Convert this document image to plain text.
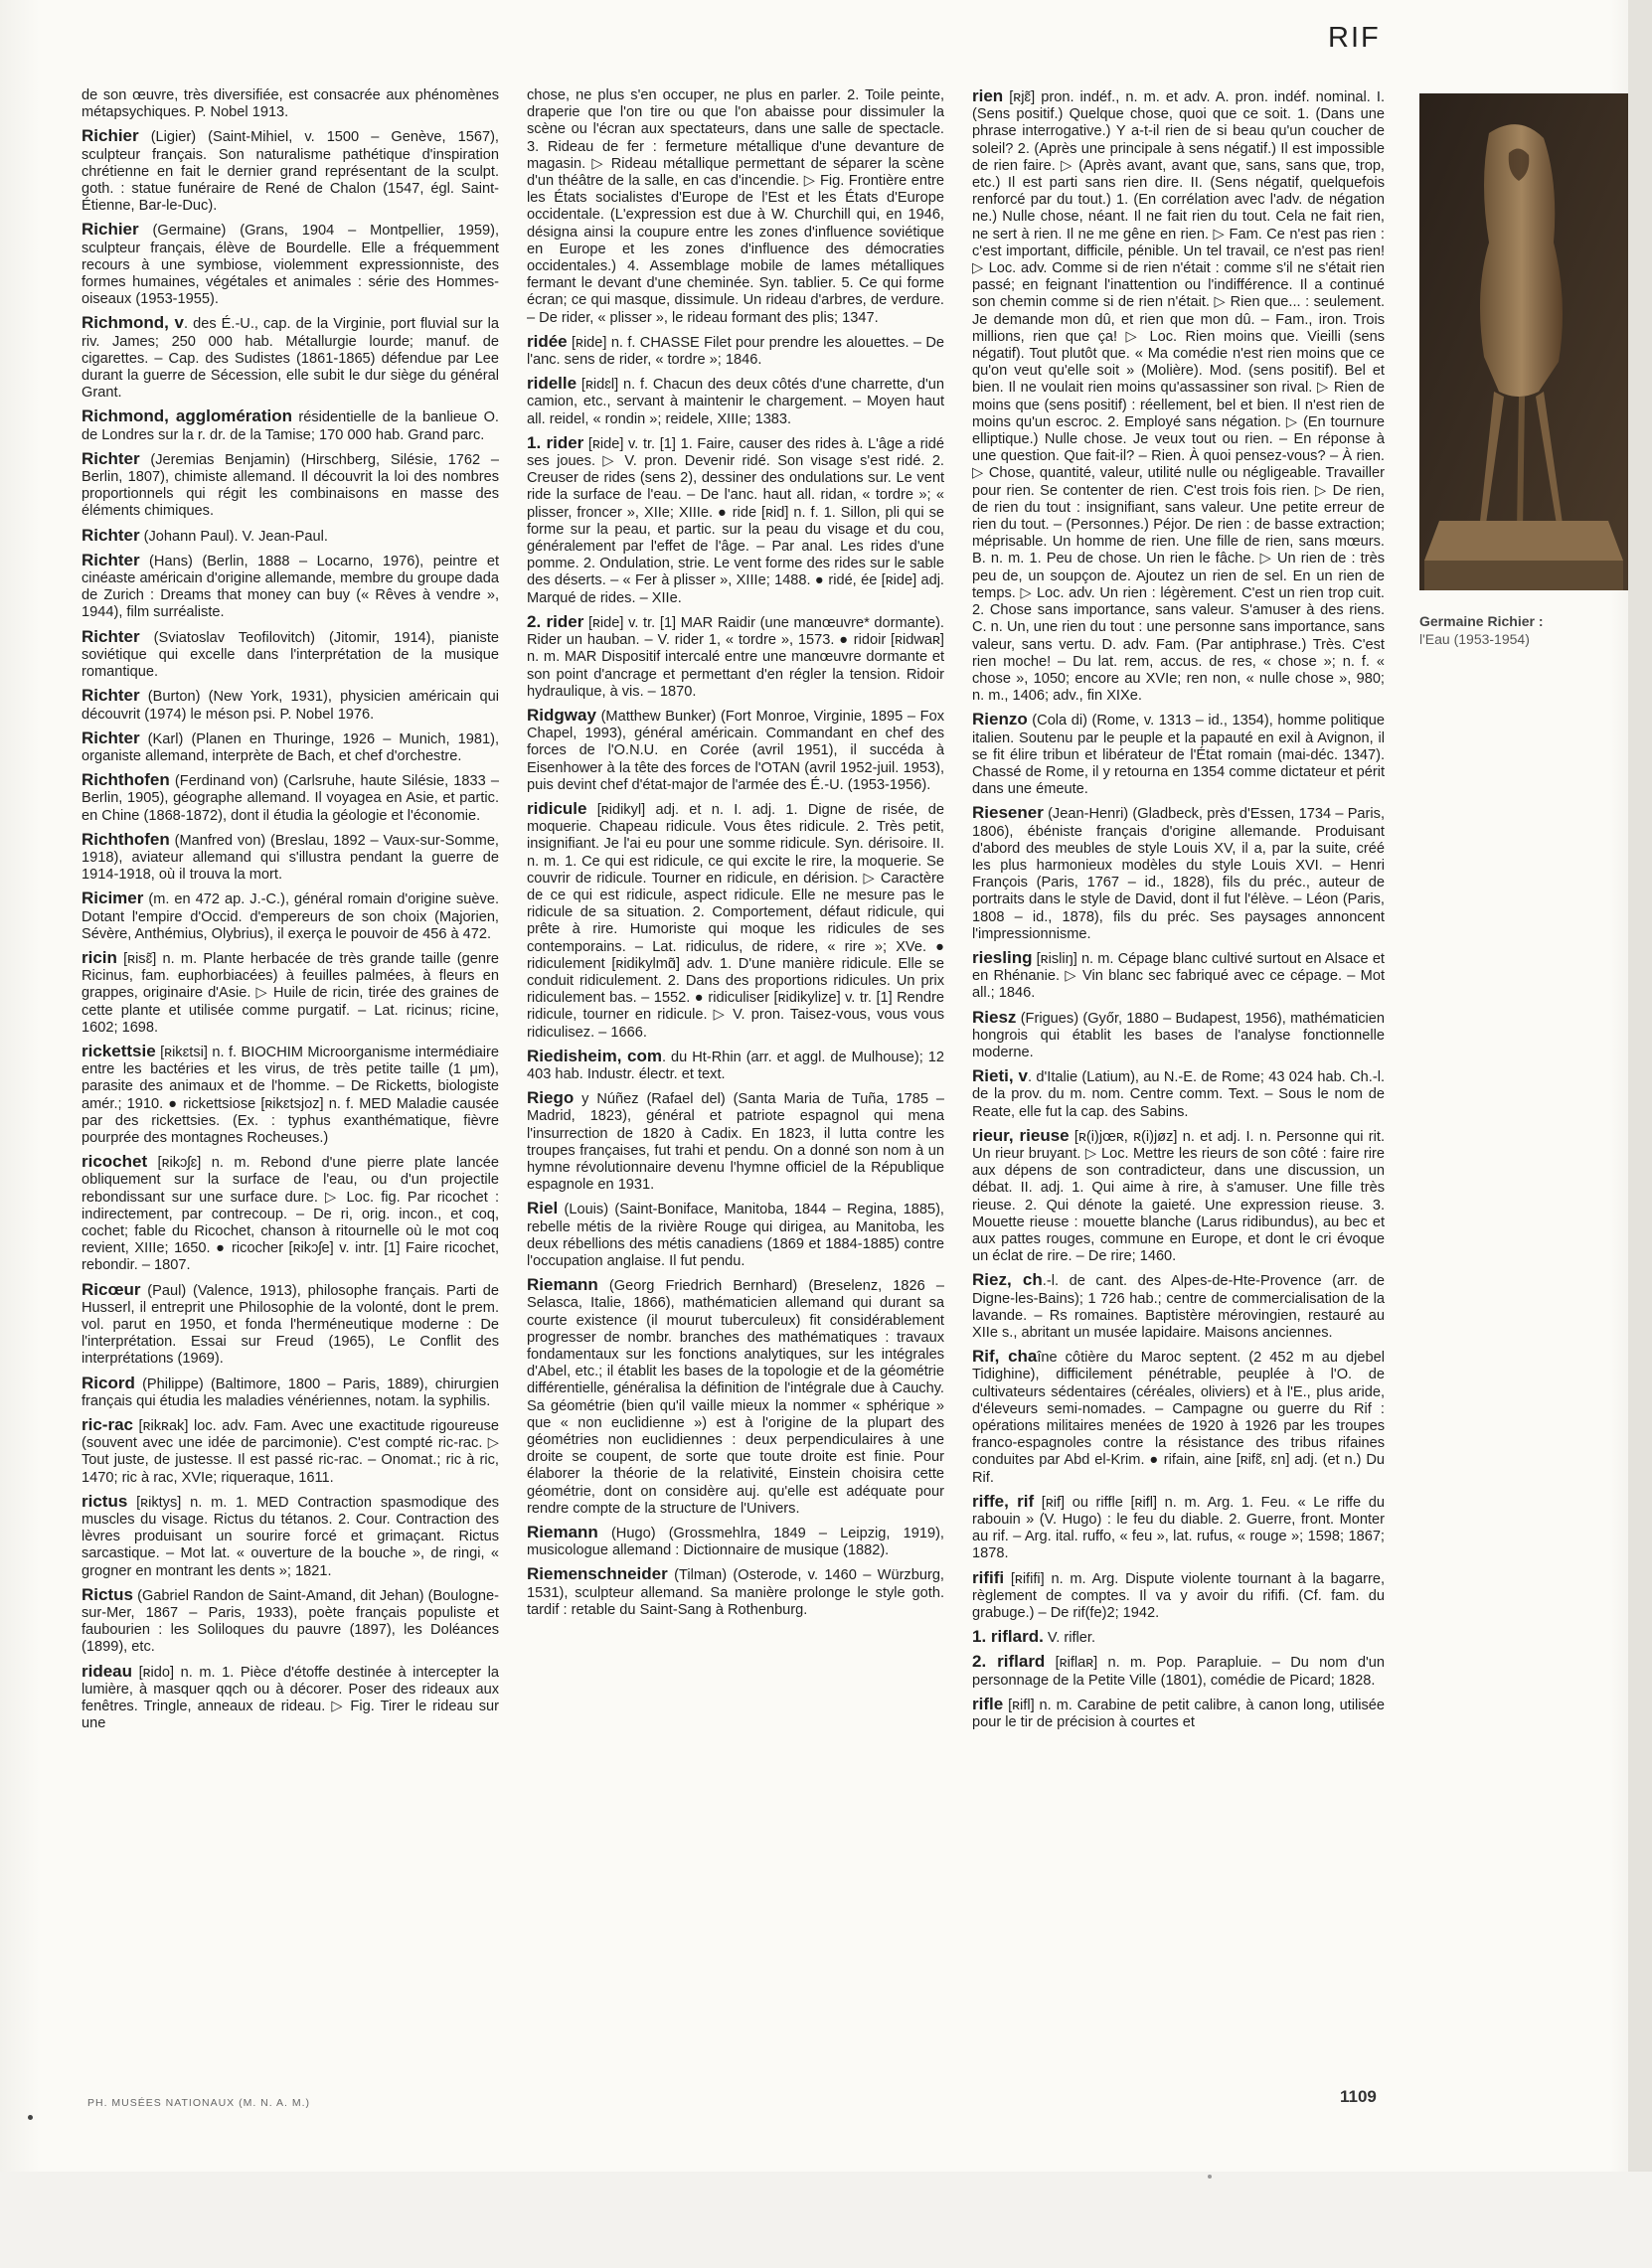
RIF

de son œuvre, très diversifiée, est consacrée aux phénomènes métapsychiques. P. Nobel 1913.

Richier (Ligier) (Saint-Mihiel, v. 1500 – Genève, 1567), sculpteur français. Son naturalisme pathétique d'inspiration chrétienne en fait le dernier grand représentant de la sculpt. goth. : statue funéraire de René de Chalon (1547, égl. Saint-Étienne, Bar-le-Duc).

Richier (Germaine) (Grans, 1904 – Montpellier, 1959), sculpteur français, élève de Bourdelle. Elle a fréquemment recours à une symbiose, violemment expressionniste, des formes humaines, végétales et animales : série des Hommes-oiseaux (1953-1955).

Richmond, v. des É.-U., cap. de la Virginie, port fluvial sur la riv. James; 250 000 hab. Métallurgie lourde; manuf. de cigarettes. – Cap. des Sudistes (1861-1865) défendue par Lee durant la guerre de Sécession, elle subit le dur siège du général Grant.

Richmond, agglomération résidentielle de la banlieue O. de Londres sur la r. dr. de la Tamise; 170 000 hab. Grand parc.

Richter (Jeremias Benjamin) (Hirschberg, Silésie, 1762 – Berlin, 1807), chimiste allemand. Il découvrit la loi des nombres proportionnels qui régit les combinaisons en masse des éléments chimiques.

Richter (Johann Paul). V. Jean-Paul.

Richter (Hans) (Berlin, 1888 – Locarno, 1976), peintre et cinéaste américain d'origine allemande, membre du groupe dada de Zurich : Dreams that money can buy (« Rêves à vendre », 1944), film surréaliste.

Richter (Sviatoslav Teofilovitch) (Jitomir, 1914), pianiste soviétique qui excelle dans l'interprétation de la musique romantique.

Richter (Burton) (New York, 1931), physicien américain qui découvrit (1974) le méson psi. P. Nobel 1976.

Richter (Karl) (Planen en Thuringe, 1926 – Munich, 1981), organiste allemand, interprète de Bach, et chef d'orchestre.

Richthofen (Ferdinand von) (Carlsruhe, haute Silésie, 1833 – Berlin, 1905), géographe allemand. Il voyagea en Asie, et partic. en Chine (1868-1872), dont il étudia la géologie et l'économie.

Richthofen (Manfred von) (Breslau, 1892 – Vaux-sur-Somme, 1918), aviateur allemand qui s'illustra pendant la guerre de 1914-1918, où il trouva la mort.

Ricimer (m. en 472 ap. J.-C.), général romain d'origine suève. Dotant l'empire d'Occid. d'empereurs de son choix (Majorien, Sévère, Anthémius, Olybrius), il exerça le pouvoir de 456 à 472.

ricin [ʀisɛ̃] n. m. Plante herbacée de très grande taille (genre Ricinus, fam. euphorbiacées) à feuilles palmées, à fleurs en grappes, originaire d'Asie. ▷ Huile de ricin, tirée des graines de cette plante et utilisée comme purgatif. – Lat. ricinus; ricine, 1602; 1698.

rickettsie [ʀikɛtsi] n. f. BIOCHIM Microorganisme intermédiaire entre les bactéries et les virus, de très petite taille (1 μm), parasite des animaux et de l'homme. – De Ricketts, biologiste amér.; 1910. ● rickettsiose [ʀikɛtsjoz] n. f. MED Maladie causée par des rickettsies. (Ex. : typhus exanthématique, fièvre pourprée des montagnes Rocheuses.)

ricochet [ʀikɔʃɛ] n. m. Rebond d'une pierre plate lancée obliquement sur la surface de l'eau, ou d'un projectile rebondissant sur une surface dure. ▷ Loc. fig. Par ricochet : indirectement, par contrecoup. – De ri, orig. incon., et coq, cochet; fable du Ricochet, chanson à ritournelle où le mot coq revient, XIIIe; 1650. ● ricocher [ʀikɔʃe] v. intr. [1] Faire ricochet, rebondir. – 1807.

Ricœur (Paul) (Valence, 1913), philosophe français. Parti de Husserl, il entreprit une Philosophie de la volonté, dont le prem. vol. parut en 1950, et fonda l'herméneutique moderne : De l'interprétation. Essai sur Freud (1965), Le Conflit des interprétations (1969).

Ricord (Philippe) (Baltimore, 1800 – Paris, 1889), chirurgien français qui étudia les maladies vénériennes, notam. la syphilis.

ric-rac [ʀikʀak] loc. adv. Fam. Avec une exactitude rigoureuse (souvent avec une idée de parcimonie). C'est compté ric-rac. ▷ Tout juste, de justesse. Il est passé ric-rac. – Onomat.; ric à ric, 1470; ric à rac, XVIe; riqueraque, 1611.

rictus [ʀiktys] n. m. 1. MED Contraction spasmodique des muscles du visage. Rictus du tétanos. 2. Cour. Contraction des lèvres produisant un sourire forcé et grimaçant. Rictus sarcastique. – Mot lat. « ouverture de la bouche », de ringi, « grogner en montrant les dents »; 1821.

Rictus (Gabriel Randon de Saint-Amand, dit Jehan) (Boulogne-sur-Mer, 1867 – Paris, 1933), poète français populiste et faubourien : les Soliloques du pauvre (1897), les Doléances (1899), etc.

rideau [ʀido] n. m. 1. Pièce d'étoffe destinée à intercepter la lumière, à masquer qqch ou à décorer. Poser des rideaux aux fenêtres. Tringle, anneaux de rideau. ▷ Fig. Tirer le rideau sur une

chose, ne plus s'en occuper, ne plus en parler. 2. Toile peinte, draperie que l'on tire ou que l'on abaisse pour dissimuler la scène ou l'écran aux spectateurs, dans une salle de spectacle. 3. Rideau de fer : fermeture métallique d'une devanture de magasin. ▷ Rideau métallique permettant de séparer la scène d'un théâtre de la salle, en cas d'incendie. ▷ Fig. Frontière entre les États socialistes d'Europe de l'Est et les États d'Europe occidentale. (L'expression est due à W. Churchill qui, en 1946, désigna ainsi la coupure entre les zones d'influence soviétique en Europe et les zones d'influence des démocraties occidentales.) 4. Assemblage mobile de lames métalliques fermant le devant d'une cheminée. Syn. tablier. 5. Ce qui forme écran; ce qui masque, dissimule. Un rideau d'arbres, de verdure. – De rider, « plisser », le rideau formant des plis; 1347.

ridée [ʀide] n. f. CHASSE Filet pour prendre les alouettes. – De l'anc. sens de rider, « tordre »; 1846.

ridelle [ʀidɛl] n. f. Chacun des deux côtés d'une charrette, d'un camion, etc., servant à maintenir le chargement. – Moyen haut all. reidel, « rondin »; reidele, XIIIe; 1383.

1. rider [ʀide] v. tr. [1] 1. Faire, causer des rides à. L'âge a ridé ses joues. ▷ V. pron. Devenir ridé. Son visage s'est ridé. 2. Creuser de rides (sens 2), dessiner des ondulations sur. Le vent ride la surface de l'eau. – De l'anc. haut all. ridan, « tordre »; « plisser, froncer », XIIe; XIIIe. ● ride [ʀid] n. f. 1. Sillon, pli qui se forme sur la peau, et partic. sur la peau du visage et du cou, généralement par l'effet de l'âge. – Par anal. Les rides d'une pomme. 2. Ondulation, strie. Le vent forme des rides sur le sable des déserts. – « Fer à plisser », XIIIe; 1488. ● ridé, ée [ʀide] adj. Marqué de rides. – XIIe.

2. rider [ʀide] v. tr. [1] MAR Raidir (une manœuvre* dormante). Rider un hauban. – V. rider 1, « tordre », 1573. ● ridoir [ʀidwaʀ] n. m. MAR Dispositif intercalé entre une manœuvre dormante et son point d'ancrage et permettant d'en régler la tension. Ridoir hydraulique, à vis. – 1870.

Ridgway (Matthew Bunker) (Fort Monroe, Virginie, 1895 – Fox Chapel, 1993), général américain. Commandant en chef des forces de l'O.N.U. en Corée (avril 1951), il succéda à Eisenhower à la tête des forces de l'OTAN (avril 1952-juil. 1953), puis devint chef d'état-major de l'armée des É.-U. (1953-1956).

ridicule [ʀidikyl] adj. et n. I. adj. 1. Digne de risée, de moquerie. Chapeau ridicule. Vous êtes ridicule. 2. Très petit, insignifiant. Je l'ai eu pour une somme ridicule. Syn. dérisoire. II. n. m. 1. Ce qui est ridicule, ce qui excite le rire, la moquerie. Se couvrir de ridicule. Tourner en ridicule, en dérision. ▷ Caractère de ce qui est ridicule, aspect ridicule. Elle ne mesure pas le ridicule de sa situation. 2. Comportement, défaut ridicule, qui prête à rire. Humoriste qui moque les ridicules de ses contemporains. – Lat. ridiculus, de ridere, « rire »; XVe. ● ridiculement [ʀidikylmɑ̃] adv. 1. D'une manière ridicule. Elle se conduit ridiculement. 2. Dans des proportions ridicules. Un prix ridiculement bas. – 1552. ● ridiculiser [ʀidikylize] v. tr. [1] Rendre ridicule, tourner en ridicule. ▷ V. pron. Taisez-vous, vous vous ridiculisez. – 1666.

Riedisheim, com. du Ht-Rhin (arr. et aggl. de Mulhouse); 12 403 hab. Industr. électr. et text.

Riego y Núñez (Rafael del) (Santa Maria de Tuña, 1785 – Madrid, 1823), général et patriote espagnol qui mena l'insurrection de 1820 à Cadix. En 1823, il lutta contre les troupes françaises, fut trahi et pendu. On a donné son nom à un hymne révolutionnaire devenu l'hymne officiel de la République espagnole en 1931.

Riel (Louis) (Saint-Boniface, Manitoba, 1844 – Regina, 1885), rebelle métis de la rivière Rouge qui dirigea, au Manitoba, les deux rébellions des métis canadiens (1869 et 1884-1885) contre l'occupation anglaise. Il fut pendu.

Riemann (Georg Friedrich Bernhard) (Breselenz, 1826 – Selasca, Italie, 1866), mathématicien allemand qui durant sa courte existence (il mourut tuberculeux) fit considérablement progresser de nombr. branches des mathématiques : travaux fondamentaux sur les fonctions analytiques, sur les intégrales d'Abel, etc.; il établit les bases de la topologie et de la géométrie différentielle, généralisa la définition de l'intégrale due à Cauchy. Sa géométrie (bien qu'il vaille mieux la nommer « sphérique » que « non euclidienne ») est à l'origine de la plupart des géométries non euclidiennes : deux perpendiculaires à une droite se coupent, de sorte que toute droite est finie. Pour élaborer la théorie de la relativité, Einstein choisira cette géométrie, dont on considère auj. qu'elle est adéquate pour rendre compte de la structure de l'Univers.

Riemann (Hugo) (Grossmehlra, 1849 – Leipzig, 1919), musicologue allemand : Dictionnaire de musique (1882).

Riemenschneider (Tilman) (Osterode, v. 1460 – Würzburg, 1531), sculpteur allemand. Sa manière prolonge le style goth. tardif : retable du Saint-Sang à Rothenburg.

rien [ʀjɛ̃] pron. indéf., n. m. et adv. A. pron. indéf. nominal. I. (Sens positif.) Quelque chose, quoi que ce soit. 1. (Dans une phrase interrogative.) Y a-t-il rien de si beau qu'un coucher de soleil? 2. (Après une principale à sens négatif.) Il est impossible de rien faire. ▷ (Après avant, avant que, sans, sans que, trop, etc.) Il est parti sans rien dire. II. (Sens négatif, quelquefois renforcé par du tout.) 1. (En corrélation avec l'adv. de négation ne.) Nulle chose, néant. Il ne fait rien du tout. Cela ne fait rien, ne sert à rien. Il ne me gêne en rien. ▷ Fam. Ce n'est pas rien : c'est important, difficile, pénible. Un tel travail, ce n'est pas rien! ▷ Loc. adv. Comme si de rien n'était : comme s'il ne s'était rien passé; en feignant l'inattention ou l'indifférence. Il a continué son chemin comme si de rien n'était. ▷ Rien que... : seulement. Je demande mon dû, et rien que mon dû. – Fam., iron. Trois millions, rien que ça! ▷ Loc. Rien moins que. Vieilli (sens négatif). Tout plutôt que. « Ma comédie n'est rien moins que ce qu'on veut qu'elle soit » (Molière). Mod. (sens positif). Bel et bien. Il ne voulait rien moins qu'assassiner son rival. ▷ Rien de moins que (sens positif) : réellement, bel et bien. Il n'est rien de moins qu'un escroc. 2. Employé sans négation. ▷ (En tournure elliptique.) Nulle chose. Je veux tout ou rien. – En réponse à une question. Que fait-il? – Rien. À quoi pensez-vous? – À rien. ▷ Chose, quantité, valeur, utilité nulle ou négligeable. Travailler pour rien. Se contenter de rien. C'est trois fois rien. ▷ De rien, de rien du tout : insignifiant, sans valeur. Une petite erreur de rien du tout. – (Personnes.) Péjor. De rien : de basse extraction; méprisable. Un homme de rien. Une fille de rien, sans mœurs. B. n. m. 1. Peu de chose. Un rien le fâche. ▷ Un rien de : très peu de, un soupçon de. Ajoutez un rien de sel. En un rien de temps. ▷ Loc. adv. Un rien : légèrement. C'est un rien trop cuit. 2. Chose sans importance, sans valeur. S'amuser à des riens. C. n. Un, une rien du tout : une personne sans importance, sans valeur, sans vertu. D. adv. Fam. (Par antiphrase.) Très. C'est rien moche! – Du lat. rem, accus. de res, « chose »; n. f. « chose », 1050; encore au XVIe; ren non, « nulle chose », 980; n. m., 1406; adv., fin XIXe.

Rienzo (Cola di) (Rome, v. 1313 – id., 1354), homme politique italien. Soutenu par le peuple et la papauté en exil à Avignon, il se fit élire tribun et libérateur de l'État romain (mai-déc. 1347). Chassé de Rome, il y retourna en 1354 comme dictateur et périt dans une émeute.

Riesener (Jean-Henri) (Gladbeck, près d'Essen, 1734 – Paris, 1806), ébéniste français d'origine allemande. Produisant d'abord des meubles de style Louis XV, il a, par la suite, créé les plus harmonieux modèles du style Louis XVI. – Henri François (Paris, 1767 – id., 1828), fils du préc., auteur de portraits dans le style de David, dont il fut l'élève. – Léon (Paris, 1808 – id., 1878), fils du préc. Ses paysages annoncent l'impressionnisme.

riesling [ʀisliŋ] n. m. Cépage blanc cultivé surtout en Alsace et en Rhénanie. ▷ Vin blanc sec fabriqué avec ce cépage. – Mot all.; 1846.

Riesz (Frigues) (Győr, 1880 – Budapest, 1956), mathématicien hongrois qui établit les bases de l'analyse fonctionnelle moderne.

Rieti, v. d'Italie (Latium), au N.-E. de Rome; 43 024 hab. Ch.-l. de la prov. du m. nom. Centre comm. Text. – Sous le nom de Reate, elle fut la cap. des Sabins.

rieur, rieuse [ʀ(i)jœʀ, ʀ(i)jøz] n. et adj. I. n. Personne qui rit. Un rieur bruyant. ▷ Loc. Mettre les rieurs de son côté : faire rire aux dépens de son contradicteur, dans une discussion, un débat. II. adj. 1. Qui aime à rire, à s'amuser. Une fille très rieuse. 2. Qui dénote la gaieté. Une expression rieuse. 3. Mouette rieuse : mouette blanche (Larus ridibundus), au bec et aux pattes rouges, commune en Europe, et dont le cri évoque un éclat de rire. – De rire; 1460.

Riez, ch.-l. de cant. des Alpes-de-Hte-Provence (arr. de Digne-les-Bains); 1 726 hab.; centre de commercialisation de la lavande. – Rs romaines. Baptistère mérovingien, restauré au XIIe s., abritant un musée lapidaire. Maisons anciennes.

Rif, chaîne côtière du Maroc septent. (2 452 m au djebel Tidighine), difficilement pénétrable, peuplée à l'O. de cultivateurs sédentaires (céréales, oliviers) et à l'E., plus aride, d'éleveurs semi-nomades. – Campagne ou guerre du Rif : opérations militaires menées de 1920 à 1926 par les troupes franco-espagnoles contre la résistance des tribus rifaines conduites par Abd el-Krim. ● rifain, aine [ʀifɛ̃, ɛn] adj. (et n.) Du Rif.

riffe, rif [ʀif] ou riffle [ʀifl] n. m. Arg. 1. Feu. « Le riffe du rabouin » (V. Hugo) : le feu du diable. 2. Guerre, front. Monter au rif. – Arg. ital. ruffo, « feu », lat. rufus, « rouge »; 1598; 1867; 1878.

rififi [ʀififi] n. m. Arg. Dispute violente tournant à la bagarre, règlement de comptes. Il va y avoir du rififi. (Cf. fam. du grabuge.) – De rif(fe)2; 1942.

1. riflard. V. rifler.

2. riflard [ʀiflaʀ] n. m. Pop. Parapluie. – Du nom d'un personnage de la Petite Ville (1801), comédie de Picard; 1828.

rifle [ʀifl] n. m. Carabine de petit calibre, à canon long, utilisée pour le tir de précision à courtes et

Germaine Richier :
l'Eau (1953-1954)
PH. MUSÉES NATIONAUX (M. N. A. M.)	1109
